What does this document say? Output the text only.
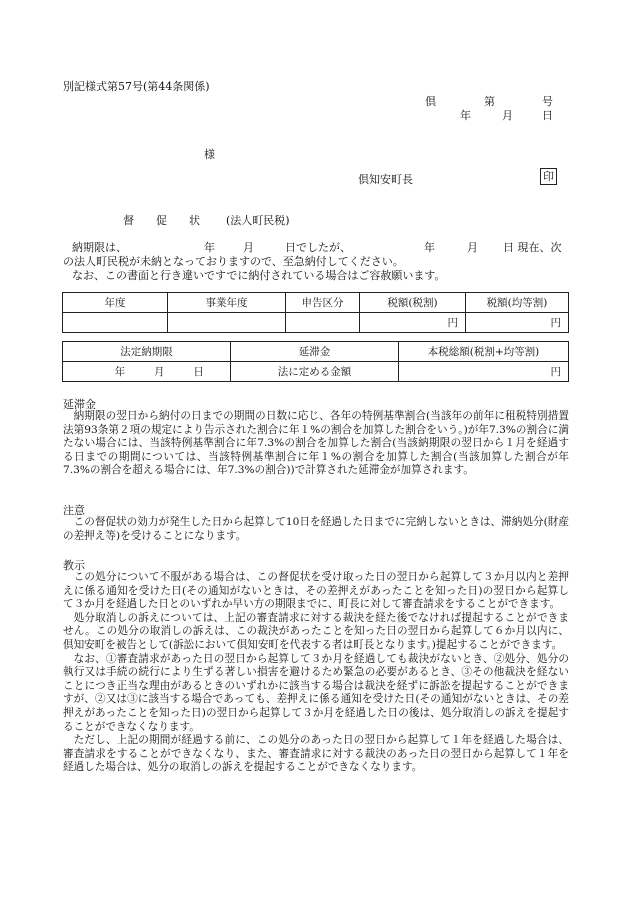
別記様式第57号(第44条関係)
倶	第	号
年	月	日
様
倶知安町長	印
督 促 状 (法人町民税)
納期限は、	年	月	日でしたが、	年	月 日 現在、次
の法人町民税が未納となっておりますので、至急納付してください。
なお、この書面と行き違いですでに納付されている場合はご容赦願います。
年度	事業年度	申告区分	税額(税割)	税額(均等割)
			円	円
法定納期限	延滞金	本税総額(税割+均等割)
年 月 日	法に定める金額	円
延滞金

納期限の翌日から納付の日までの期間の日数に応じ、各年の特例基準割合(当該年の前年に租税特別措置法第93条第２項の規定により告示された割合に年１%の割合を加算した割合をいう。)が年7.3%の割合に満たない場合には、当該特例基準割合に年7.3%の割合を加算した割合(当該納期限の翌日から１月を経過する日までの期間については、当該特例基準割合に年１%の割合を加算した割合(当該加算した割合が年7.3%の割合を超える場合には、年7.3%の割合))で計算された延滞金が加算されます。

注意

この督促状の効力が発生した日から起算して10日を経過した日までに完納しないときは、滞納処分(財産の差押え等)を受けることになります。

教示

この処分について不服がある場合は、この督促状を受け取った日の翌日から起算して３か月以内と差押えに係る通知を受けた日(その通知がないときは、その差押えがあったことを知った日)の翌日から起算して３か月を経過した日とのいずれか早い方の期限までに、町長に対して審査請求をすることができます。

処分取消しの訴えについては、上記の審査請求に対する裁決を経た後でなければ提起することができません。この処分の取消しの訴えは、この裁決があったことを知った日の翌日から起算して６か月以内に、倶知安町を被告として(訴訟において倶知安町を代表する者は町長となります。)提起することができます。

なお、①審査請求があった日の翌日から起算して３か月を経過しても裁決がないとき、②処分、処分の執行又は手続の続行により生ずる著しい損害を避けるため緊急の必要があるとき、③その他裁決を経ないことにつき正当な理由があるときのいずれかに該当する場合は裁決を経ずに訴訟を提起することができますが、②又は③に該当する場合であっても、差押えに係る通知を受けた日(その通知がないときは、その差押えがあったことを知った日)の翌日から起算して３か月を経過した日の後は、処分取消しの訴えを提起することができなくなります。

ただし、上記の期間が経過する前に、この処分のあった日の翌日から起算して１年を経過した場合は、審査請求をすることができなくなり、また、審査請求に対する裁決のあった日の翌日から起算して１年を経過した場合は、処分の取消しの訴えを提起することができなくなります。
